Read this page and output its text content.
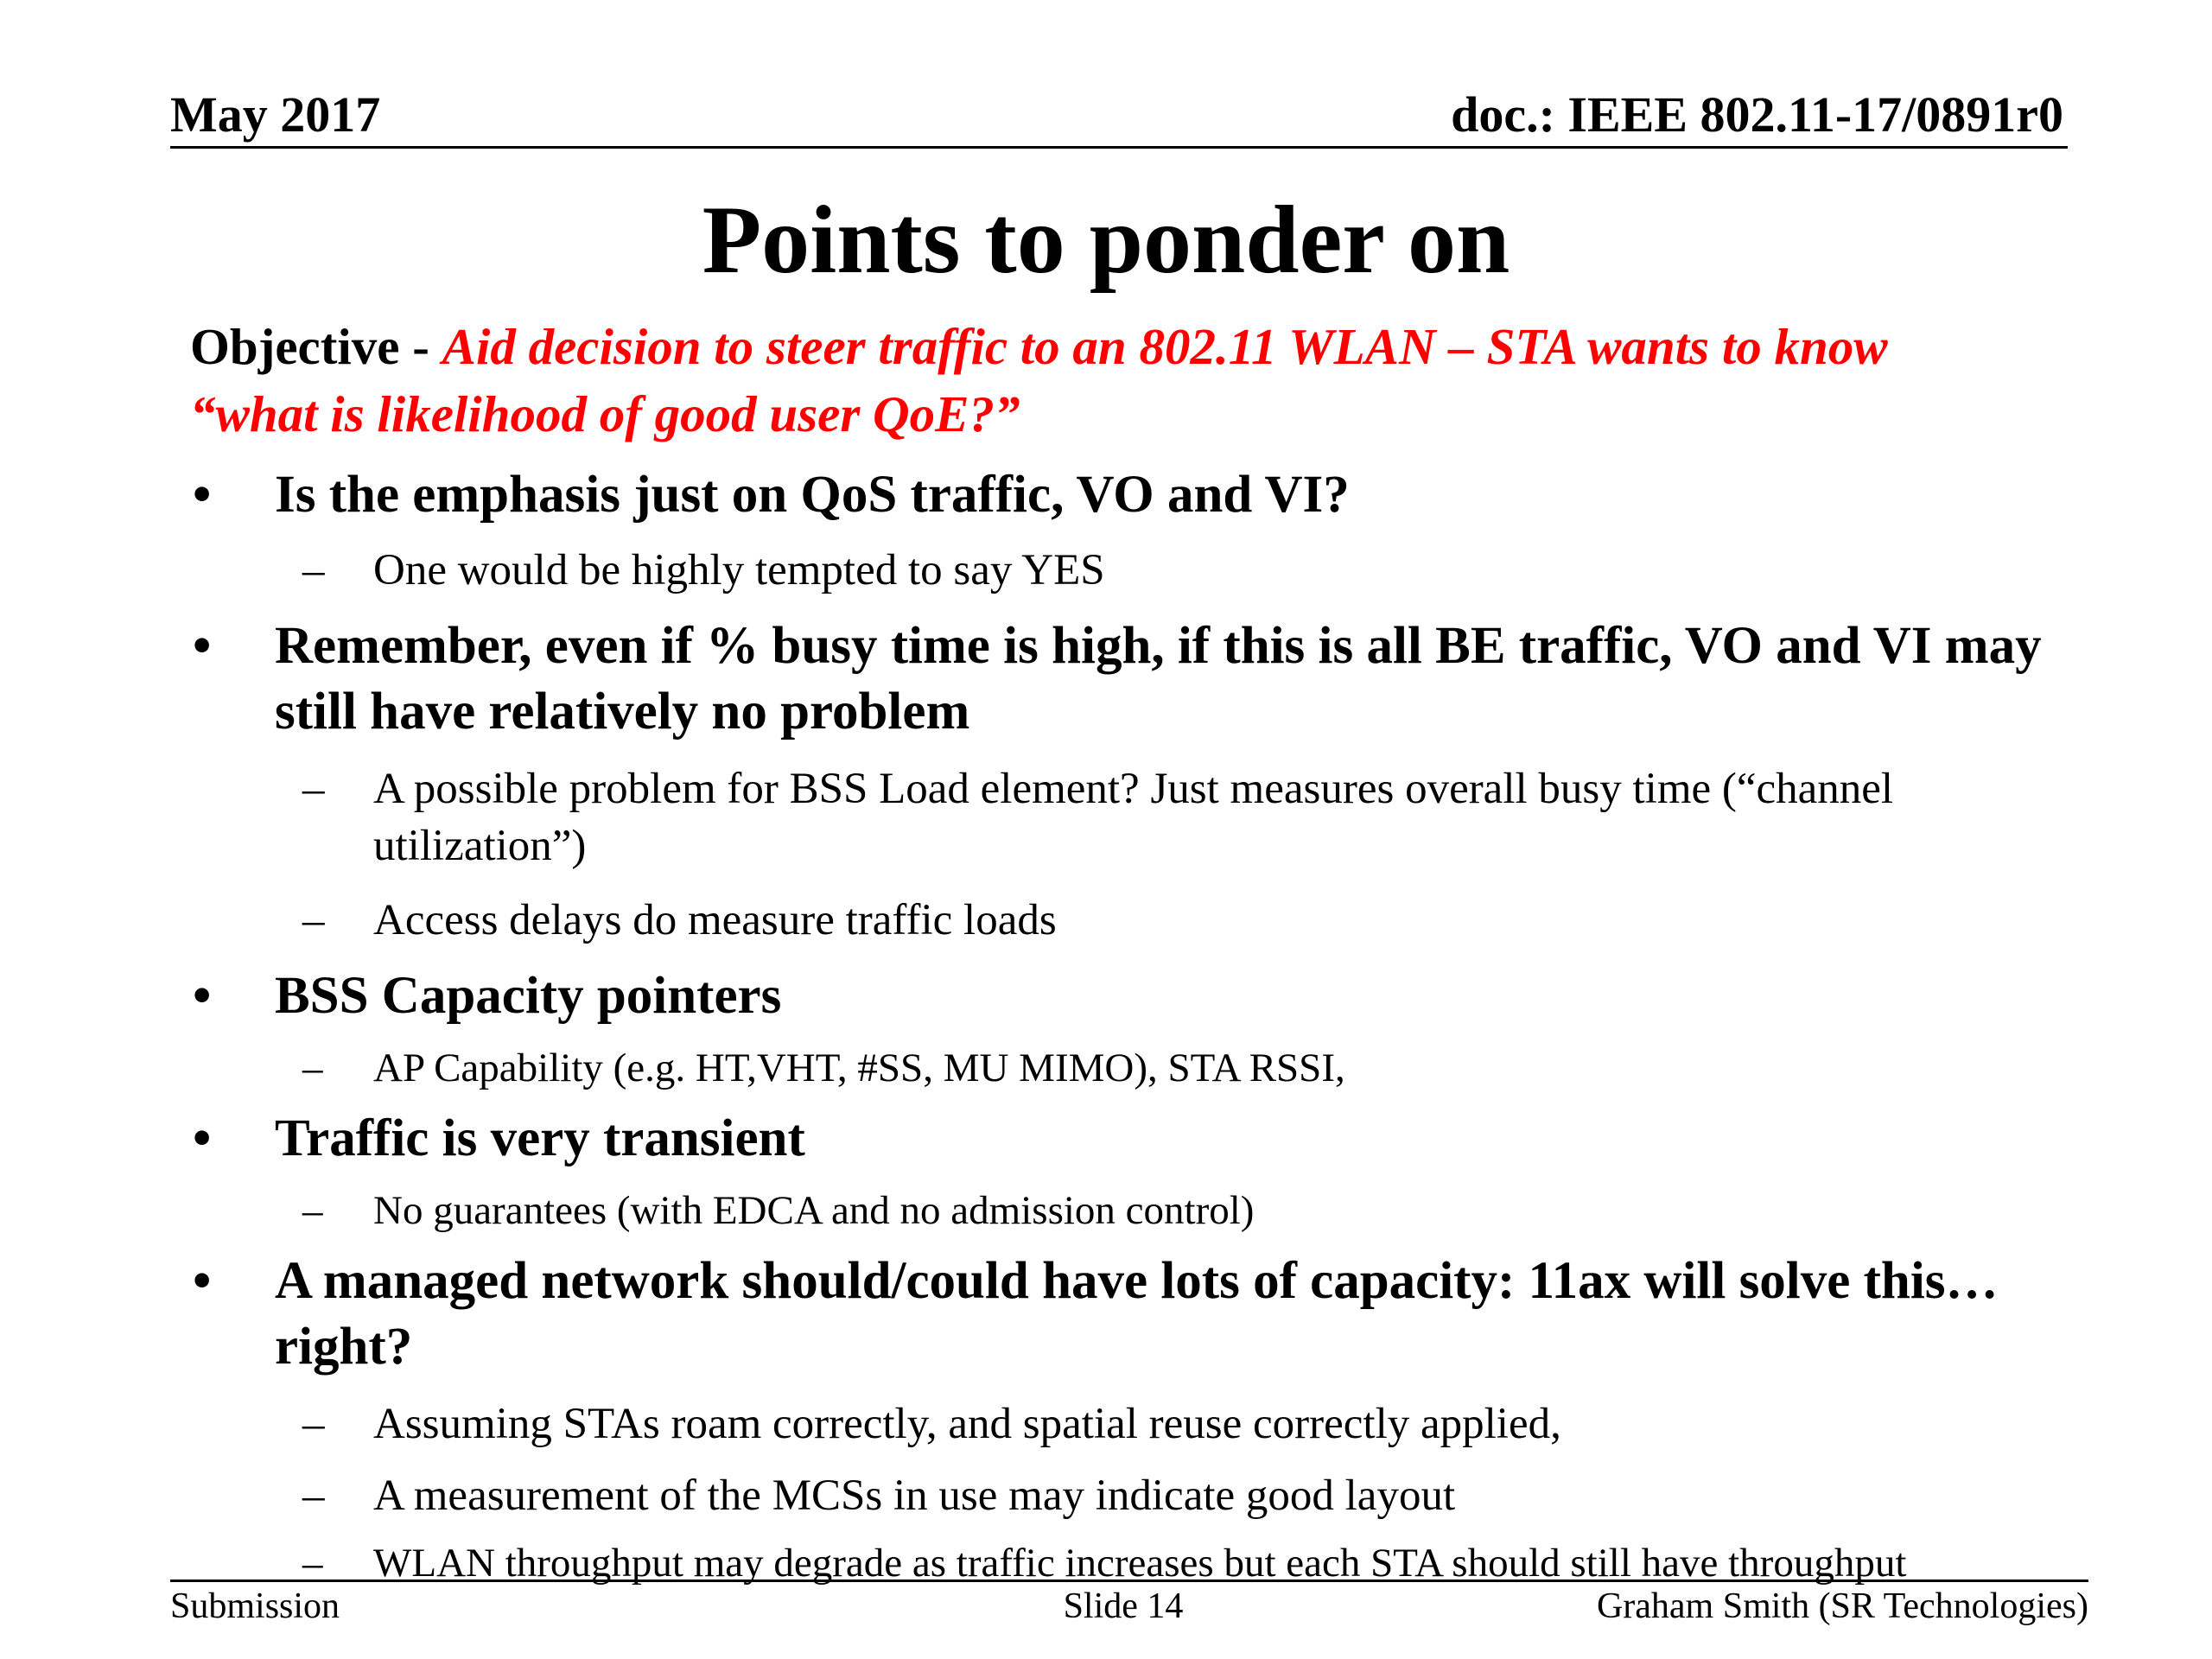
May 2017	doc.: IEEE 802.11-17/0891r0
Points to ponder on
Objective - Aid decision to steer traffic to an 802.11 WLAN – STA wants to know “what is likelihood of good user QoE?”
• Is the emphasis just on QoS traffic, VO and VI?
– One would be highly tempted to say YES
• Remember, even if % busy time is high, if this is all BE traffic, VO and VI may still have relatively no problem
– A possible problem for BSS Load element? Just measures overall busy time (“channel utilization”)
– Access delays do measure traffic loads
• BSS Capacity pointers
– AP Capability (e.g. HT,VHT, #SS, MU MIMO), STA RSSI,
• Traffic is very transient
– No guarantees (with EDCA and no admission control)
• A managed network should/could have lots of capacity: 11ax will solve this…right?
– Assuming STAs roam correctly, and spatial reuse correctly applied,
– A measurement of the MCSs in use may indicate good layout
– WLAN throughput may degrade as traffic increases but each STA should still have throughput
Submission	Slide 14	Graham Smith (SR Technologies)
